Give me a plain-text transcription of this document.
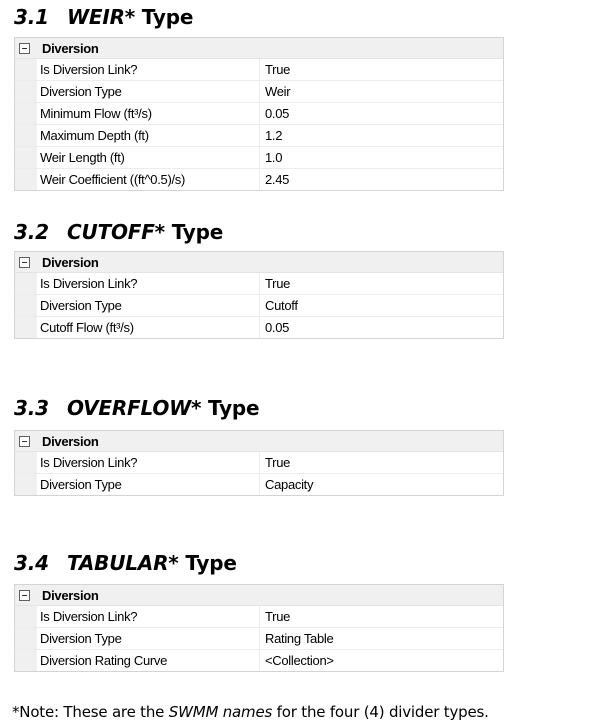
3.1 WEIR* Type
Diversion
Is Diversion Link?	True
Diversion Type	Weir
Minimum Flow (ft³/s)	0.05
Maximum Depth (ft)	1.2
Weir Length (ft)	1.0
Weir Coefficient ((ft^0.5)/s)	2.45
3.2 CUTOFF* Type
Diversion
Is Diversion Link?	True
Diversion Type	Cutoff
Cutoff Flow (ft³/s)	0.05
3.3 OVERFLOW* Type
Diversion
Is Diversion Link?	True
Diversion Type	Capacity
3.4 TABULAR* Type
Diversion
Is Diversion Link?	True
Diversion Type	Rating Table
Diversion Rating Curve	<Collection>
*Note: These are the SWMM names for the four (4) divider types.
